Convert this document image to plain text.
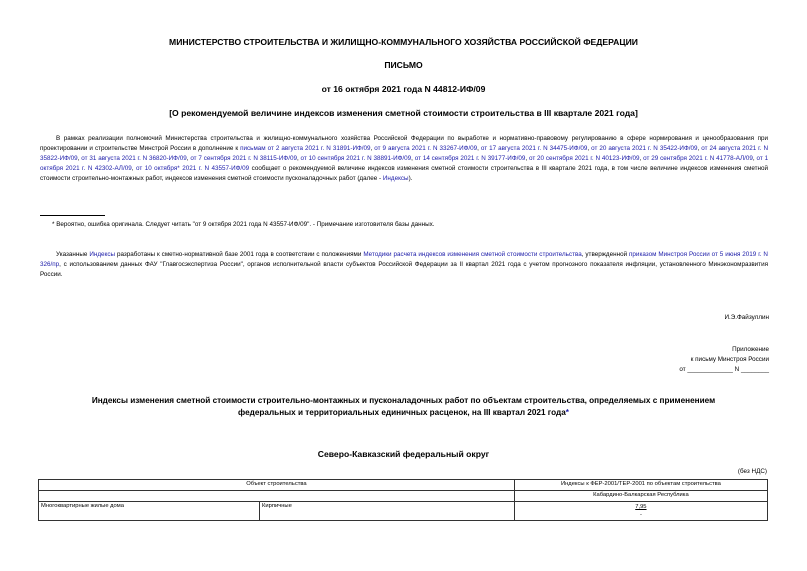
МИНИСТЕРСТВО СТРОИТЕЛЬСТВА И ЖИЛИЩНО-КОММУНАЛЬНОГО ХОЗЯЙСТВА РОССИЙСКОЙ ФЕДЕРАЦИИ
ПИСЬМО
от 16 октября 2021 года N 44812-ИФ/09
[О рекомендуемой величине индексов изменения сметной стоимости строительства в III квартале 2021 года]

В рамках реализации полномочий Министерства строительства и жилищно-коммунального хозяйства Российской Федерации по выработке и нормативно-правовому регулированию в сфере нормирования и ценообразования при проектировании и строительстве Минстрой России в дополнение к письмам от 2 августа 2021 г. N 31891-ИФ/09, от 9 августа 2021 г. N 33267-ИФ/09, от 17 августа 2021 г. N 34475-ИФ/09, от 20 августа 2021 г. N 35422-ИФ/09, от 24 августа 2021 г. N 35822-ИФ/09, от 31 августа 2021 г. N 36820-ИФ/09, от 7 сентября 2021 г. N 38115-ИФ/09, от 10 сентября 2021 г. N 38891-ИФ/09, от 14 сентября 2021 г. N 39177-ИФ/09, от 20 сентября 2021 г. N 40123-ИФ/09, от 29 сентября 2021 г. N 41778-АЛ/09, от 1 октября 2021 г. N 42302-АЛ/09, от 10 октября* 2021 г. N 43557-ИФ/09 сообщает о рекомендуемой величине индексов изменения сметной стоимости строительства в III квартале 2021 года, в том числе величине индексов изменения сметной стоимости строительно-монтажных работ, индексов изменения сметной стоимости пусконаладочных работ (далее - Индексы).

* Вероятно, ошибка оригинала. Следует читать "от 9 октября 2021 года N 43557-ИФ/09". - Примечание изготовителя базы данных.

Указанные Индексы разработаны к сметно-нормативной базе 2001 года в соответствии с положениями Методики расчета индексов изменения сметной стоимости строительства, утвержденной приказом Минстроя России от 5 июня 2019 г. N 326/пр, с использованием данных ФАУ "Главгосэкспертиза России", органов исполнительной власти субъектов Российской Федерации за II квартал 2021 года с учетом прогнозного показателя инфляции, установленного Минэкономразвития России.

И.Э.Файзуллин
Приложение
к письму Минстроя России
от _____________ N ________
Индексы изменения сметной стоимости строительно-монтажных и пусконаладочных работ по объектам строительства, определяемых с применением
федеральных и территориальных единичных расценок, на III квартал 2021 года*
Северо-Кавказский федеральный округ
(без НДС)
Объект строительства		Индексы к ФЕР-2001/ТЕР-2001 по объектам строительства
		Кабардино-Балкарская Республика
Многоквартирные жилые дома	Кирпичные	7,95
-
